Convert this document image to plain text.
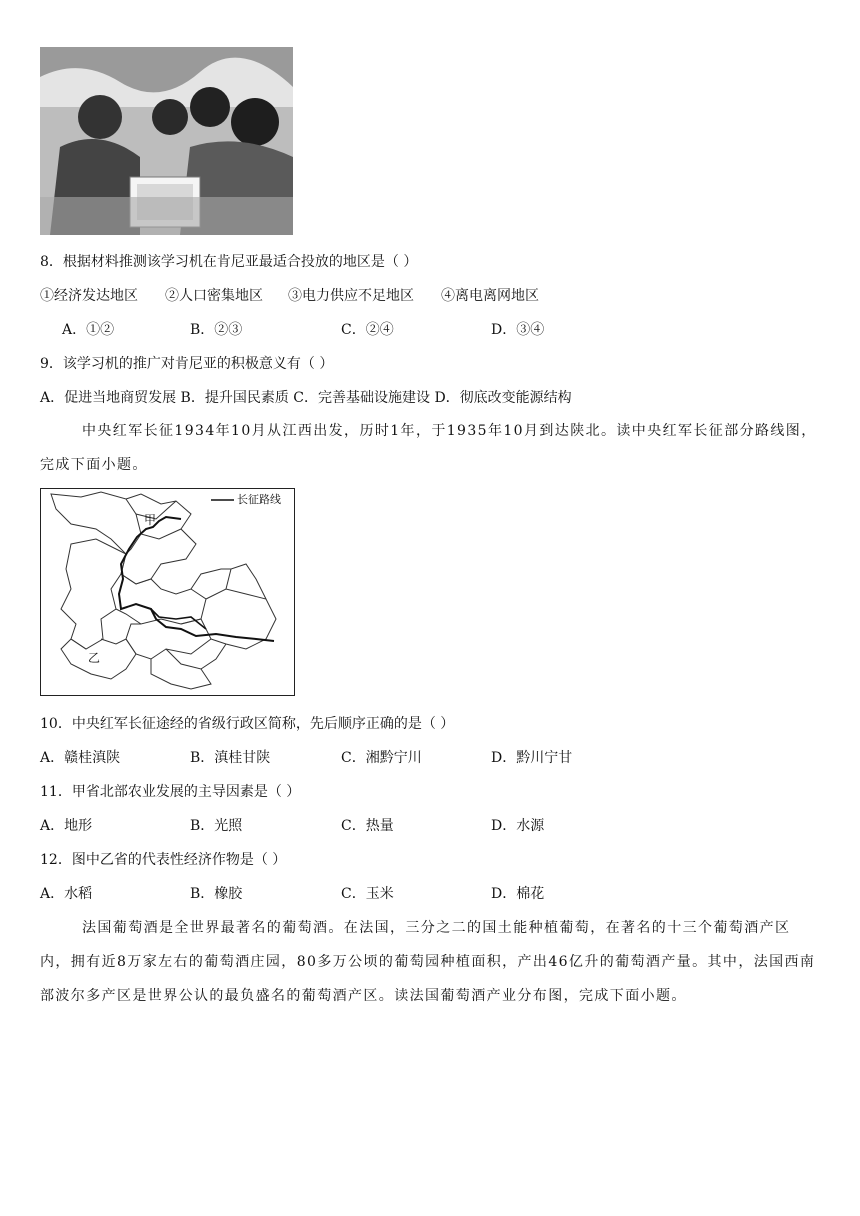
8．根据材料推测该学习机在肯尼亚最适合投放的地区是（ ）
①经济发达地区 ②人口密集地区 ③电力供应不足地区 ④离电离网地区
A．①②	B．②③	C．②④	D．③④
9．该学习机的推广对肯尼亚的积极意义有（ ）
A．促进当地商贸发展 B．提升国民素质 C．完善基础设施建设 D．彻底改变能源结构
中央红军长征1934年10月从江西出发，历时1年，于1935年10月到达陕北。读中央红军长征部分路线图，完成下面小题。
长征路线
甲
乙
10．中央红军长征途经的省级行政区简称，先后顺序正确的是（ ）
A．赣桂滇陕	B．滇桂甘陕	C．湘黔宁川	D．黔川宁甘
11．甲省北部农业发展的主导因素是（ ）
A．地形	B．光照	C．热量	D．水源
12．图中乙省的代表性经济作物是（ ）
A．水稻	B．橡胶	C．玉米	D．棉花
法国葡萄酒是全世界最著名的葡萄酒。在法国，三分之二的国土能种植葡萄，在著名的十三个葡萄酒产区内，拥有近8万家左右的葡萄酒庄园，80多万公顷的葡萄园种植面积，产出46亿升的葡萄酒产量。其中，法国西南部波尔多产区是世界公认的最负盛名的葡萄酒产区。读法国葡萄酒产业分布图，完成下面小题。
